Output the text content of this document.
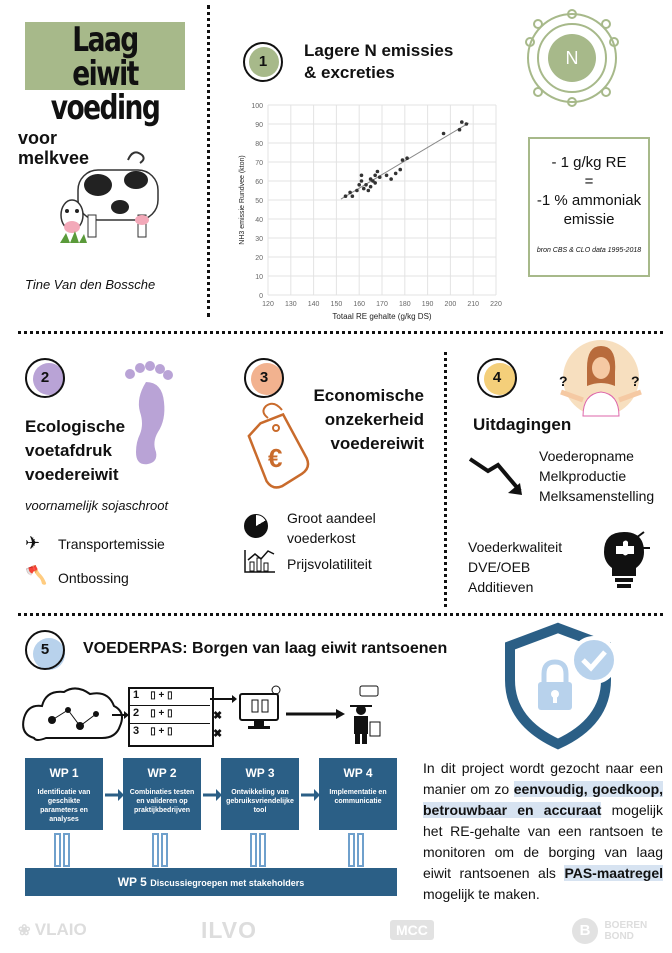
Laag eiwit
voeding
voor melkvee
Tine Van den Bossche
1
Lagere N emissies
& excreties
N
- 1 g/kg RE
=
-1 % ammoniak
emissie
bron CBS & CLO data 1995-2018
0
10
20
30
40
50
60
70
80
90
100
120 130 140 150 160 170 180 190 200 210 220
Totaal RE gehalte (g/kg DS)
NH3 emissie Rundvee (kton)
2
Ecologische
voetafdruk
voedereiwit
voornamelijk sojaschroot
✈ Transportemissie
🪓 Ontbossing
3
Economische
onzekerheid
voedereiwit
€
Groot aandeel
voederkost
Prijsvolatiliteit
4	?	?
Uitdagingen
Voederopname
Melkproductie
Melksamenstelling
Voederkwaliteit
DVE/OEB
Additieven
5	VOEDERPAS: Borgen van laag eiwit rantsoenen
1 ▯ + ▯
2 ▯ + ▯
3 ▯ + ▯
✖
✖
WP 1
Identificatie van geschikte parameters en analyses
WP 2
Combinaties testen en valideren op praktijkbedrijven
WP 3
Ontwikkeling van gebruiksvriendelijke tool
WP 4
Implementatie en communicatie
WP 5 Discussiegroepen met stakeholders
In dit project wordt gezocht naar een manier om zo eenvoudig, goedkoop, betrouwbaar en accuraat mogelijk het RE-gehalte van een rantsoen te monitoren om de borging van laag eiwit rantsoenen als PAS-maatregel mogelijk te maken.
❀ VLAIO	ILVO	MCC	B BOEREN
BOND
